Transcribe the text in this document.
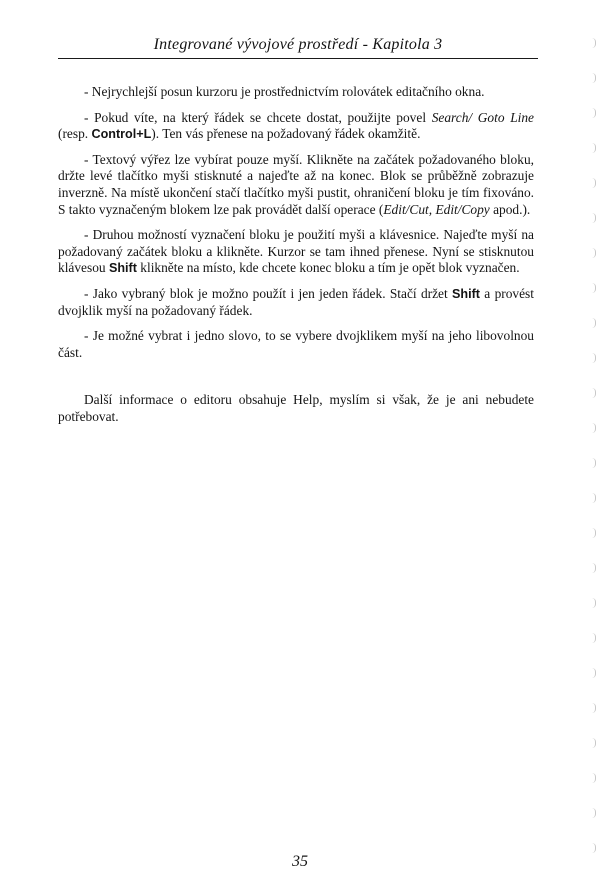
Integrované vývojové prostředí - Kapitola 3

- Nejrychlejší posun kurzoru je prostřednictvím rolovátek editačního okna.

- Pokud víte, na který řádek se chcete dostat, použijte povel Search/ Goto Line (resp. Control+L). Ten vás přenese na požadovaný řádek okamžitě.

- Textový výřez lze vybírat pouze myší. Klikněte na začátek požadovaného bloku, držte levé tlačítko myši stisknuté a najeďte až na konec. Blok se průběžně zobrazuje inverzně. Na místě ukončení stačí tlačítko myši pustit, ohraničení bloku je tím fixováno. S takto vyznačeným blokem lze pak provádět další operace (Edit/Cut, Edit/Copy apod.).

- Druhou možností vyznačení bloku je použití myši a klávesnice. Najeďte myší na požadovaný začátek bloku a klikněte. Kurzor se tam ihned přenese. Nyní se stisknutou klávesou Shift klikněte na místo, kde chcete konec bloku a tím je opět blok vyznačen.

- Jako vybraný blok je možno použít i jen jeden řádek. Stačí držet Shift a provést dvojklik myší na požadovaný řádek.

- Je možné vybrat i jedno slovo, to se vybere dvojklikem myší na jeho libovolnou část.

Další informace o editoru obsahuje Help, myslím si však, že je ani nebudete potřebovat.

35
